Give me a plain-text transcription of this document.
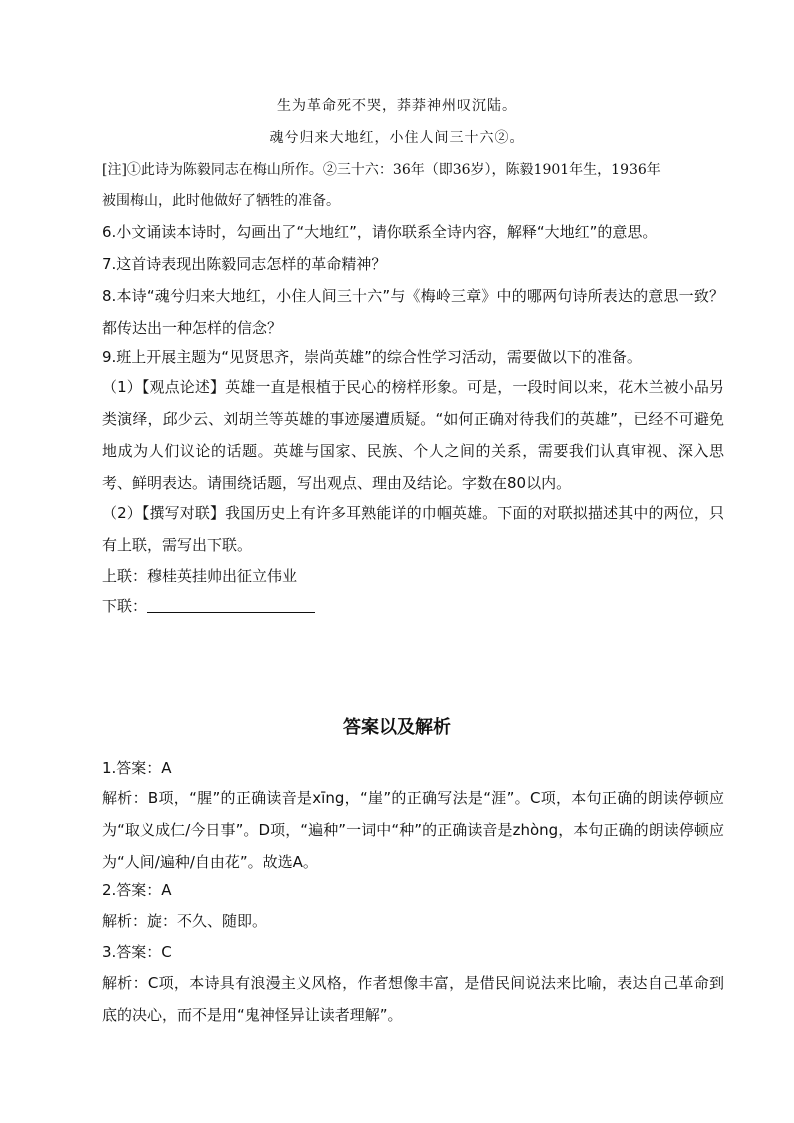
生为革命死不哭，莽莽神州叹沉陆。
魂兮归来大地红，小住人间三十六②。

[注]①此诗为陈毅同志在梅山所作。②三十六：36年（即36岁），陈毅1901年生，1936年
被围梅山，此时他做好了牺牲的准备。

6.小文诵读本诗时，勾画出了“大地红”，请你联系全诗内容，解释“大地红”的意思。

7.这首诗表现出陈毅同志怎样的革命精神？

8.本诗“魂兮归来大地红，小住人间三十六”与《梅岭三章》中的哪两句诗所表达的意思一致？都传达出一种怎样的信念？

9.班上开展主题为“见贤思齐，崇尚英雄”的综合性学习活动，需要做以下的准备。

（1）【观点论述】英雄一直是根植于民心的榜样形象。可是，一段时间以来，花木兰被小品另类演绎，邱少云、刘胡兰等英雄的事迹屡遭质疑。“如何正确对待我们的英雄”，已经不可避免地成为人们议论的话题。英雄与国家、民族、个人之间的关系，需要我们认真审视、深入思考、鲜明表达。请围绕话题，写出观点、理由及结论。字数在80以内。

（2）【撰写对联】我国历史上有许多耳熟能详的巾帼英雄。下面的对联拟描述其中的两位，只有上联，需写出下联。

上联：穆桂英挂帅出征立伟业

下联：

答案以及解析

1.答案：A

解析：B项，“腥”的正确读音是xīng，“崖”的正确写法是“涯”。C项，本句正确的朗读停顿应为“取义成仁/今日事”。D项，“遍种”一词中“种”的正确读音是zhòng，本句正确的朗读停顿应为“人间/遍种/自由花”。故选A。

2.答案：A

解析：旋：不久、随即。

3.答案：C

解析：C项，本诗具有浪漫主义风格，作者想像丰富，是借民间说法来比喻，表达自己革命到底的决心，而不是用“鬼神怪异让读者理解”。
